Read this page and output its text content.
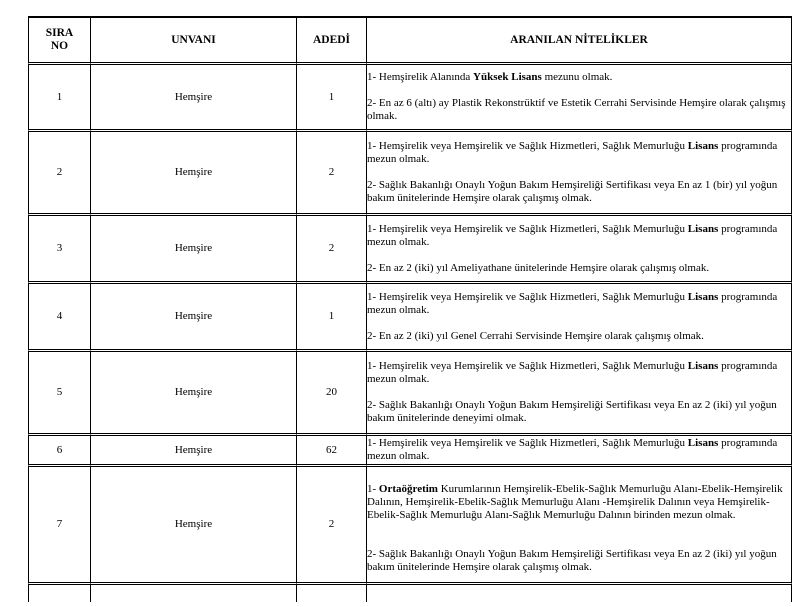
SIRA
NO	UNVANI	ADEDİ	ARANILAN NİTELİKLER
1	Hemşire	1	1- Hemşirelik Alanında Yüksek Lisans mezunu olmak.

2- En az 6 (altı) ay Plastik Rekonstrüktif ve Estetik Cerrahi Servisinde Hemşire olarak çalışmış olmak.

2	Hemşire	2	1- Hemşirelik veya Hemşirelik ve Sağlık Hizmetleri, Sağlık Memurluğu Lisans programında mezun olmak.

2- Sağlık Bakanlığı Onaylı Yoğun Bakım Hemşireliği Sertifikası veya En az 1 (bir) yıl yoğun bakım ünitelerinde Hemşire olarak çalışmış olmak.

3	Hemşire	2	1- Hemşirelik veya Hemşirelik ve Sağlık Hizmetleri, Sağlık Memurluğu Lisans programında mezun olmak.

2- En az 2 (iki) yıl Ameliyathane ünitelerinde Hemşire olarak çalışmış olmak.

4	Hemşire	1	1- Hemşirelik veya Hemşirelik ve Sağlık Hizmetleri, Sağlık Memurluğu Lisans programında mezun olmak.

2- En az 2 (iki) yıl Genel Cerrahi Servisinde Hemşire olarak çalışmış olmak.

5	Hemşire	20	1- Hemşirelik veya Hemşirelik ve Sağlık Hizmetleri, Sağlık Memurluğu Lisans programında mezun olmak.

2- Sağlık Bakanlığı Onaylı Yoğun Bakım Hemşireliği Sertifikası veya En az 2 (iki) yıl yoğun bakım ünitelerinde deneyimi olmak.

6	Hemşire	62	1- Hemşirelik veya Hemşirelik ve Sağlık Hizmetleri, Sağlık Memurluğu Lisans programında mezun olmak.

7	Hemşire	2	1- Ortaöğretim Kurumlarının Hemşirelik-Ebelik-Sağlık Memurluğu Alanı-Ebelik-Hemşirelik Dalının, Hemşirelik-Ebelik-Sağlık Memurluğu Alanı -Hemşirelik Dalının veya Hemşirelik-Ebelik-Sağlık Memurluğu Alanı-Sağlık Memurluğu Dalının birinden mezun olmak.

2- Sağlık Bakanlığı Onaylı Yoğun Bakım Hemşireliği Sertifikası veya En az 2 (iki) yıl yoğun bakım ünitelerinde Hemşire olarak çalışmış olmak.
